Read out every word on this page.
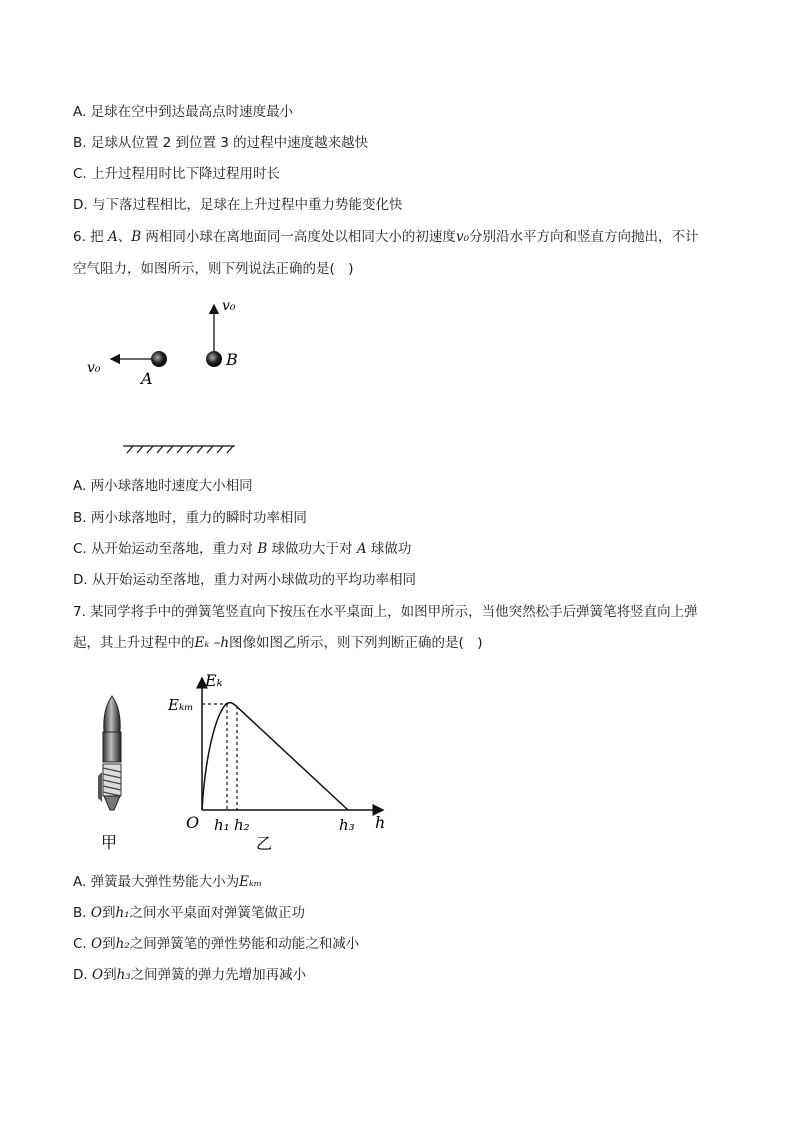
A. 足球在空中到达最高点时速度最小
B. 足球从位置 2 到位置 3 的过程中速度越来越快
C. 上升过程用时比下降过程用时长
D. 与下落过程相比，足球在上升过程中重力势能变化快
6. 把 A、B 两相同小球在离地面同一高度处以相同大小的初速度v₀分别沿水平方向和竖直方向抛出，不计
空气阻力，如图所示，则下列说法正确的是(　)
v₀
A
v₀
B
A. 两小球落地时速度大小相同
B. 两小球落地时，重力的瞬时功率相同
C. 从开始运动至落地，重力对 B 球做功大于对 A 球做功
D. 从开始运动至落地，重力对两小球做功的平均功率相同
7. 某同学将手中的弹簧笔竖直向下按压在水平桌面上，如图甲所示，当他突然松手后弹簧笔将竖直向上弹
起，其上升过程中的Eₖ –h图像如图乙所示，则下列判断正确的是(　)
甲
Eₖ
Eₖₘ
O h₁ h₂	h₃ h
乙
A. 弹簧最大弹性势能大小为Eₖₘ
B. O到h₁之间水平桌面对弹簧笔做正功
C. O到h₂之间弹簧笔的弹性势能和动能之和减小
D. O到h₃之间弹簧的弹力先增加再减小
